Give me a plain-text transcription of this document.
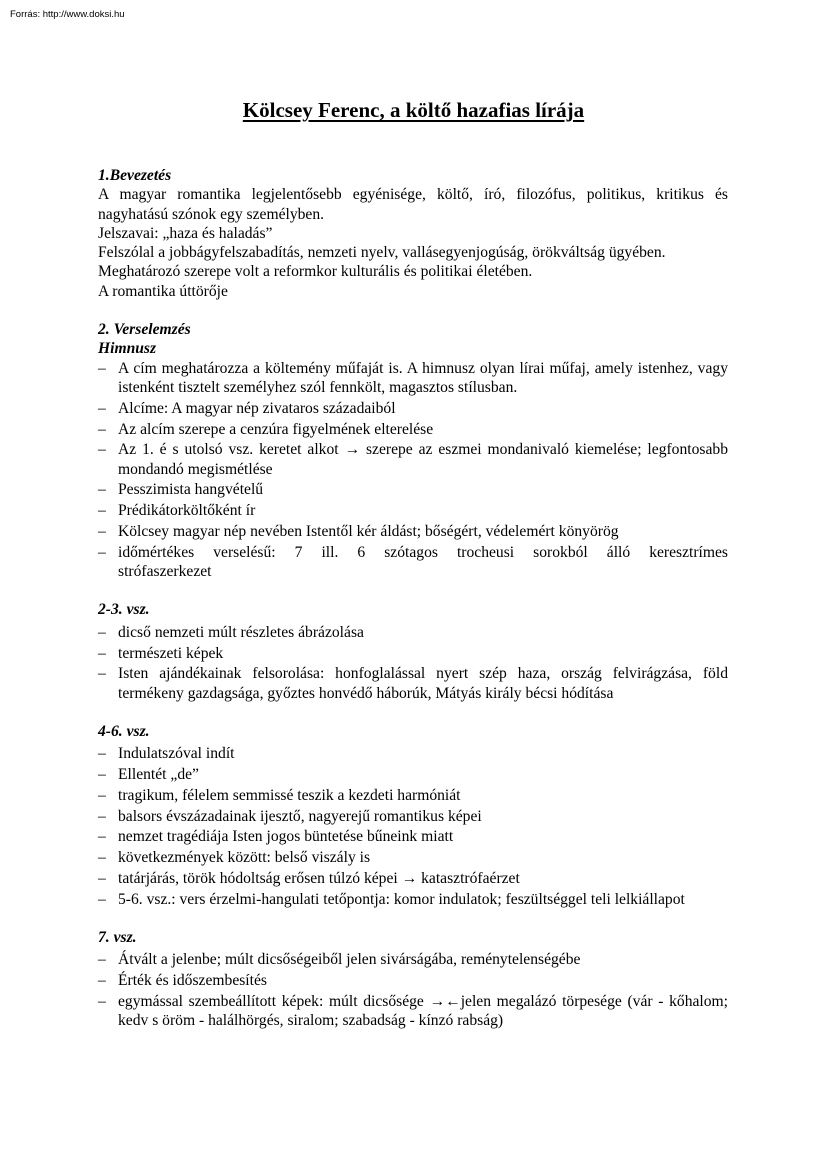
Forrás: http://www.doksi.hu
Kölcsey Ferenc, a költő hazafias lírája
1.Bevezetés
A magyar romantika legjelentősebb egyénisége, költő, író, filozófus, politikus, kritikus és nagyhatású szónok egy személyben.
Jelszavai: „haza és haladás”
Felszólal a jobbágyfelszabadítás, nemzeti nyelv, vallásegyenjogúság, örökváltság ügyében.
Meghatározó szerepe volt a reformkor kulturális és politikai életében.
A romantika úttörője
2. Verselemzés
Himnusz
– A cím meghatározza a költemény műfaját is. A himnusz olyan lírai műfaj, amely istenhez, vagy istenként tisztelt személyhez szól fennkölt, magasztos stílusban.
– Alcíme: A magyar nép zivataros századaiból
– Az alcím szerepe a cenzúra figyelmének elterelése
– Az 1. é s utolsó vsz. keretet alkot → szerepe az eszmei mondanivaló kiemelése; legfontosabb mondandó megismétlése
– Pesszimista hangvételű
– Prédikátorköltőként ír
– Kölcsey magyar nép nevében Istentől kér áldást; bőségért, védelemért könyörög
– időmértékes verselésű: 7 ill. 6 szótagos trocheusi sorokból álló keresztrímes strófaszerkezet
2-3. vsz.
– dicső nemzeti múlt részletes ábrázolása
– természeti képek
– Isten ajándékainak felsorolása: honfoglalással nyert szép haza, ország felvirágzása, föld termékeny gazdagsága, győztes honvédő háborúk, Mátyás király bécsi hódítása
4-6. vsz.
– Indulatszóval indít
– Ellentét „de”
– tragikum, félelem semmissé teszik a kezdeti harmóniát
– balsors évszázadainak ijesztő, nagyerejű romantikus képei
– nemzet tragédiája Isten jogos büntetése bűneink miatt
– következmények között: belső viszály is
– tatárjárás, török hódoltság erősen túlzó képei → katasztrófaérzet
– 5-6. vsz.: vers érzelmi-hangulati tetőpontja: komor indulatok; feszültséggel teli lelkiállapot
7. vsz.
– Átvált a jelenbe; múlt dicsőségeiből jelen sivárságába, reménytelenségébe
– Érték és időszembesítés
– egymással szembeállított képek: múlt dicsősége →←jelen megalázó törpesége (vár - kőhalom; kedv s öröm - halálhörgés, siralom; szabadság - kínzó rabság)
